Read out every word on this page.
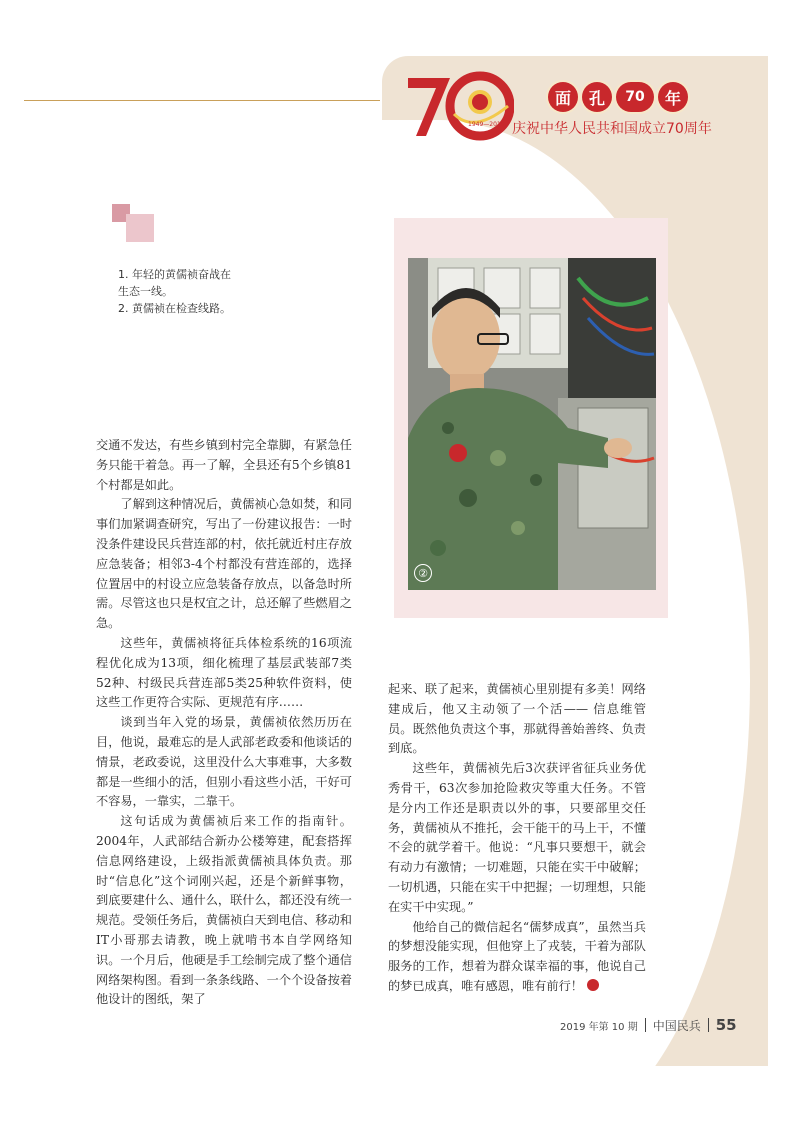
1949—2019
面	孔	70	年
庆祝中华人民共和国成立70周年

1. 年轻的黄儒祯奋战在

生态一线。

2. 黄儒祯在检查线路。

②

交通不发达，有些乡镇到村完全靠脚，有紧急任务只能干着急。再一了解，全县还有5个乡镇81个村都是如此。

了解到这种情况后，黄儒祯心急如焚，和同事们加紧调查研究，写出了一份建议报告：一时没条件建设民兵营连部的村，依托就近村庄存放应急装备；相邻3-4个村都没有营连部的，选择位置居中的村设立应急装备存放点，以备急时所需。尽管这也只是权宜之计，总还解了些燃眉之急。

这些年，黄儒祯将征兵体检系统的16项流程优化成为13项，细化梳理了基层武装部7类52种、村级民兵营连部5类25种软件资料，使这些工作更符合实际、更规范有序……

谈到当年入党的场景，黄儒祯依然历历在目，他说，最难忘的是人武部老政委和他谈话的情景，老政委说，这里没什么大事难事，大多数都是一些细小的活，但别小看这些小活，干好可不容易，一靠实，二靠干。

这句话成为黄儒祯后来工作的指南针。2004年，人武部结合新办公楼筹建，配套搭挥信息网络建设，上级指派黄儒祯具体负责。那时“信息化”这个词刚兴起，还是个新鲜事物，到底要建什么、通什么，联什么，都还没有统一规范。受领任务后，黄儒祯白天到电信、移动和IT小哥那去请教，晚上就啃书本自学网络知识。一个月后，他硬是手工绘制完成了整个通信网络架构图。看到一条条线路、一个个设备按着他设计的图纸，架了

起来、联了起来，黄儒祯心里别提有多美！网络建成后，他又主动领了一个活—— 信息维管员。既然他负责这个事，那就得善始善终、负责到底。

这些年，黄儒祯先后3次获评省征兵业务优秀骨干，63次参加抢险救灾等重大任务。不管是分内工作还是职责以外的事，只要部里交任务，黄儒祯从不推托，会干能干的马上干，不懂不会的就学着干。他说：“凡事只要想干，就会有动力有激情；一切难题，只能在实干中破解；一切机遇，只能在实干中把握；一切理想，只能在实干中实现。”

他给自己的微信起名“儒梦成真”，虽然当兵的梦想没能实现，但他穿上了戎装，干着为部队服务的工作，想着为群众谋幸福的事，他说自己的梦已成真，唯有感恩，唯有前行！

2019 年第 10 期 中国民兵 55
